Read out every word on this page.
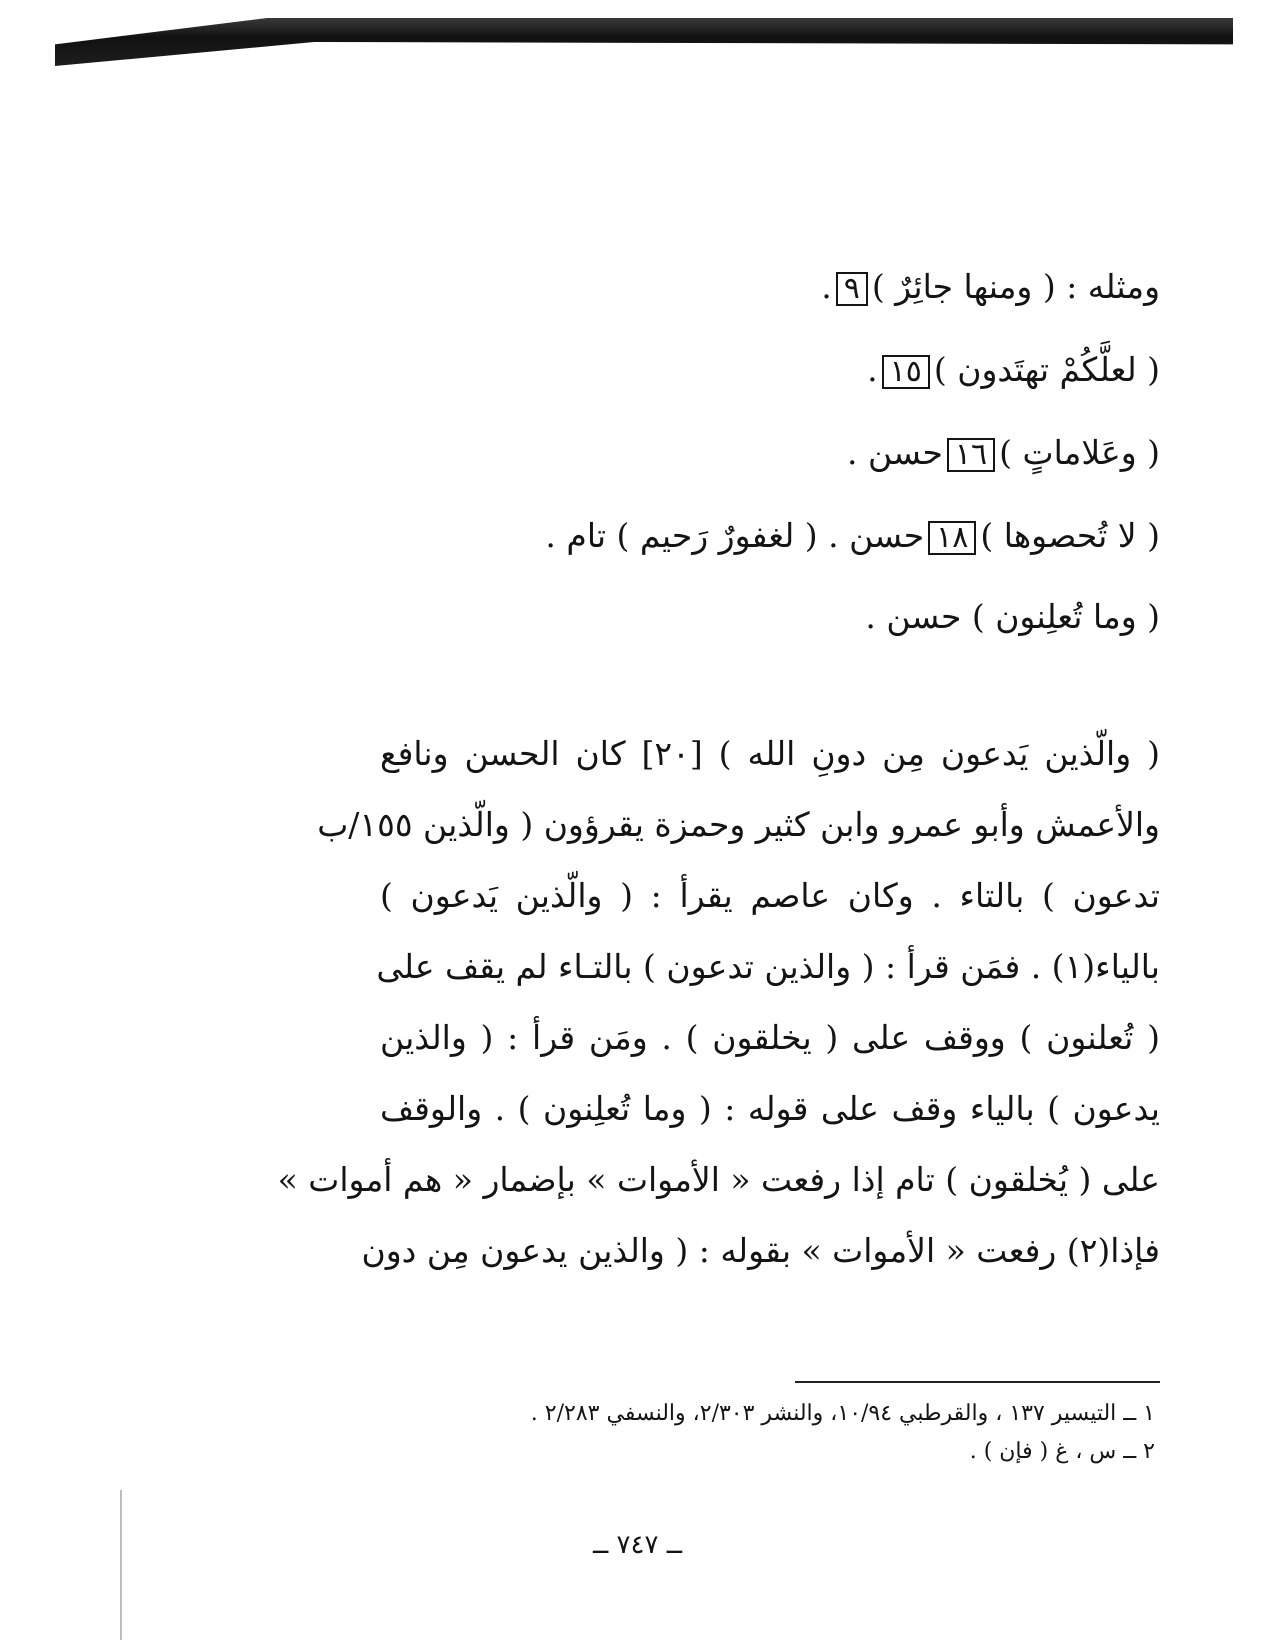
ومثله : ( ومنها جائِرٌ )٩.
( لعلَّكُمْ تهتَدون )١٥.
( وعَلاماتٍ )١٦حسن .
( لا تُحصوها )١٨حسن . ( لغفورٌ رَحيم ) تام .
( وما تُعلِنون ) حسن .
( والّذين يَدعون مِن دونِ الله ) [٢٠] كان الحسن ونافع
والأعمش وأبو عمرو وابن كثير وحمزة يقرؤون ( والّذين ١٥٥/ب
تدعون ) بالتاء . وكان عاصم يقرأ : ( والّذين يَدعون )
بالياء(١) . فمَن قرأ : ( والذين تدعون ) بالتـاء لم يقف على
( تُعلنون ) ووقف على ( يخلقون ) . ومَن قرأ : ( والذين
يدعون ) بالياء وقف على قوله : ( وما تُعلِنون ) . والوقف
على ( يُخلقون ) تام إذا رفعت « الأموات » بإضمار « هم أموات »
فإذا(٢) رفعت « الأموات » بقوله : ( والذين يدعون مِن دون
١ ــ التيسير ١٣٧ ، والقرطبي ١٠/٩٤، والنشر ٢/٣٠٣، والنسفي ٢/٢٨٣ .
٢ ــ س ، غ ( فإن ) .
ــ ٧٤٧ ــ
